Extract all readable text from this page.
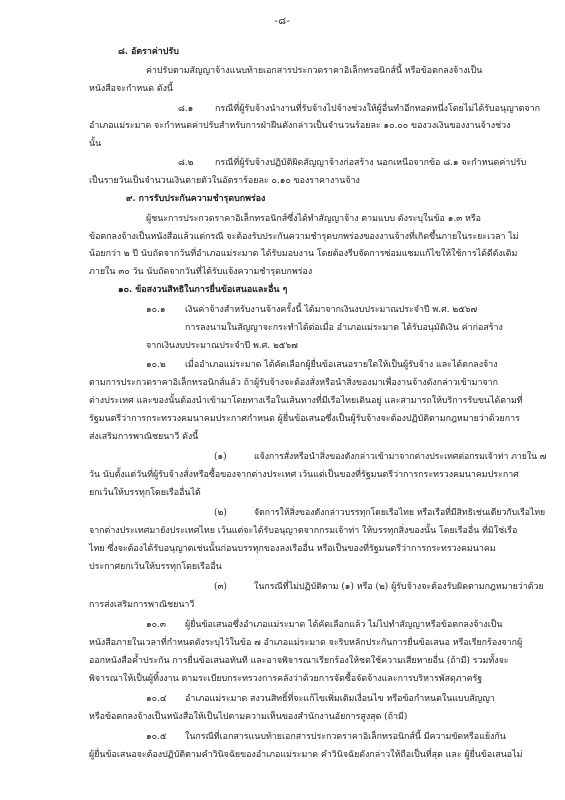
-๘-
๘. อัตราค่าปรับ
ค่าปรับตามสัญญาจ้างแนบท้ายเอกสารประกวดราคาอิเล็กทรอนิกส์นี้ หรือข้อตกลงจ้างเป็น
หนังสือจะกำหนด ดังนี้
๘.๑ กรณีที่ผู้รับจ้างนำงานที่รับจ้างไปจ้างช่วงให้ผู้อื่นทำอีกทอดหนึ่งโดยไม่ได้รับอนุญาตจาก
อำเภอแม่ระมาด จะกำหนดค่าปรับสำหรับการฝ่าฝืนดังกล่าวเป็นจำนวนร้อยละ ๑๐.๐๐ ของวงเงินของงานจ้างช่วง
นั้น
๘.๒ กรณีที่ผู้รับจ้างปฏิบัติผิดสัญญาจ้างก่อสร้าง นอกเหนือจากข้อ ๘.๑ จะกำหนดค่าปรับ
เป็นรายวันเป็นจำนวนเงินตายตัวในอัตราร้อยละ ๐.๑๐ ของราคางานจ้าง
๙. การรับประกันความชำรุดบกพร่อง
ผู้ชนะการประกวดราคาอิเล็กทรอนิกส์ซึ่งได้ทำสัญญาจ้าง ตามแบบ ดังระบุในข้อ ๑.๓ หรือ
ข้อตกลงจ้างเป็นหนังสือแล้วแต่กรณี จะต้องรับประกันความชำรุดบกพร่องของงานจ้างที่เกิดขึ้นภายในระยะเวลา ไม่
น้อยกว่า ๒ ปี นับถัดจากวันที่อำเภอแม่ระมาด ได้รับมอบงาน โดยต้องรีบจัดการซ่อมแซมแก้ไขให้ใช้การได้ดีดังเดิม
ภายใน ๓๐ วัน นับถัดจากวันที่ได้รับแจ้งความชำรุดบกพร่อง
๑๐. ข้อสงวนสิทธิในการยื่นข้อเสนอและอื่น ๆ
๑๐.๑ เงินค่าจ้างสำหรับงานจ้างครั้งนี้ ได้มาจากเงินงบประมาณประจำปี พ.ศ. ๒๕๖๗
การลงนามในสัญญาจะกระทำได้ต่อเมื่อ อำเภอแม่ระมาด ได้รับอนุมัติเงิน ค่าก่อสร้าง
จากเงินงบประมาณประจำปี พ.ศ. ๒๕๖๗
๑๐.๒ เมื่ออำเภอแม่ระมาด ได้คัดเลือกผู้ยื่นข้อเสนอรายใดให้เป็นผู้รับจ้าง และได้ตกลงจ้าง
ตามการประกวดราคาอิเล็กทรอนิกส์แล้ว ถ้าผู้รับจ้างจะต้องสั่งหรือนำสิ่งของมาเพื่องานจ้างดังกล่าวเข้ามาจาก
ต่างประเทศ และของนั้นต้องนำเข้ามาโดยทางเรือในเส้นทางที่มีเรือไทยเดินอยู่ และสามารถให้บริการรับขนได้ตามที่
รัฐมนตรีว่าการกระทรวงคมนาคมประกาศกำหนด ผู้ยื่นข้อเสนอซึ่งเป็นผู้รับจ้างจะต้องปฏิบัติตามกฎหมายว่าด้วยการ
ส่งเสริมการพาณิชยนาวี ดังนี้
(๑)	แจ้งการสั่งหรือนำสิ่งของดังกล่าวเข้ามาจากต่างประเทศต่อกรมเจ้าท่า ภายใน ๗
วัน นับตั้งแต่วันที่ผู้รับจ้างสั่งหรือซื้อของจากต่างประเทศ เว้นแต่เป็นของที่รัฐมนตรีว่าการกระทรวงคมนาคมประกาศ
ยกเว้นให้บรรทุกโดยเรืออื่นได้
(๒)	จัดการให้สิ่งของดังกล่าวบรรทุกโดยเรือไทย หรือเรือที่มีสิทธิเช่นเดียวกับเรือไทย
จากต่างประเทศมายังประเทศไทย เว้นแต่จะได้รับอนุญาตจากกรมเจ้าท่า ให้บรรทุกสิ่งของนั้น โดยเรืออื่น ที่มิใช่เรือ
ไทย ซึ่งจะต้องได้รับอนุญาตเช่นนั้นก่อนบรรทุกของลงเรืออื่น หรือเป็นของที่รัฐมนตรีว่าการกระทรวงคมนาคม
ประกาศยกเว้นให้บรรทุกโดยเรืออื่น
(๓)	ในกรณีที่ไม่ปฏิบัติตาม (๑) หรือ (๒) ผู้รับจ้างจะต้องรับผิดตามกฎหมายว่าด้วย
การส่งเสริมการพาณิชยนาวี
๑๐.๓ ผู้ยื่นข้อเสนอซึ่งอำเภอแม่ระมาด ได้คัดเลือกแล้ว ไม่ไปทำสัญญาหรือข้อตกลงจ้างเป็น
หนังสือภายในเวลาที่กำหนดดังระบุไว้ในข้อ ๗ อำเภอแม่ระมาด จะริบหลักประกันการยื่นข้อเสนอ หรือเรียกร้องจากผู้
ออกหนังสือค้ำประกัน การยื่นข้อเสนอทันที และอาจพิจารณาเรียกร้องให้ชดใช้ความเสียหายอื่น (ถ้ามี) รวมทั้งจะ
พิจารณาให้เป็นผู้ทิ้งงาน ตามระเบียบกระทรวงการคลังว่าด้วยการจัดซื้อจัดจ้างและการบริหารพัสดุภาครัฐ
๑๐.๔ อำเภอแม่ระมาด สงวนสิทธิ์ที่จะแก้ไขเพิ่มเติมเงื่อนไข หรือข้อกำหนดในแบบสัญญา
หรือข้อตกลงจ้างเป็นหนังสือให้เป็นไปตามความเห็นของสำนักงานอัยการสูงสุด (ถ้ามี)
๑๐.๕ ในกรณีที่เอกสารแนบท้ายเอกสารประกวดราคาอิเล็กทรอนิกส์นี้ มีความขัดหรือแย้งกัน
ผู้ยื่นข้อเสนอจะต้องปฏิบัติตามคำวินิจฉัยของอำเภอแม่ระมาด คำวินิจฉัยดังกล่าวให้ถือเป็นที่สุด และ ผู้ยื่นข้อเสนอไม่
